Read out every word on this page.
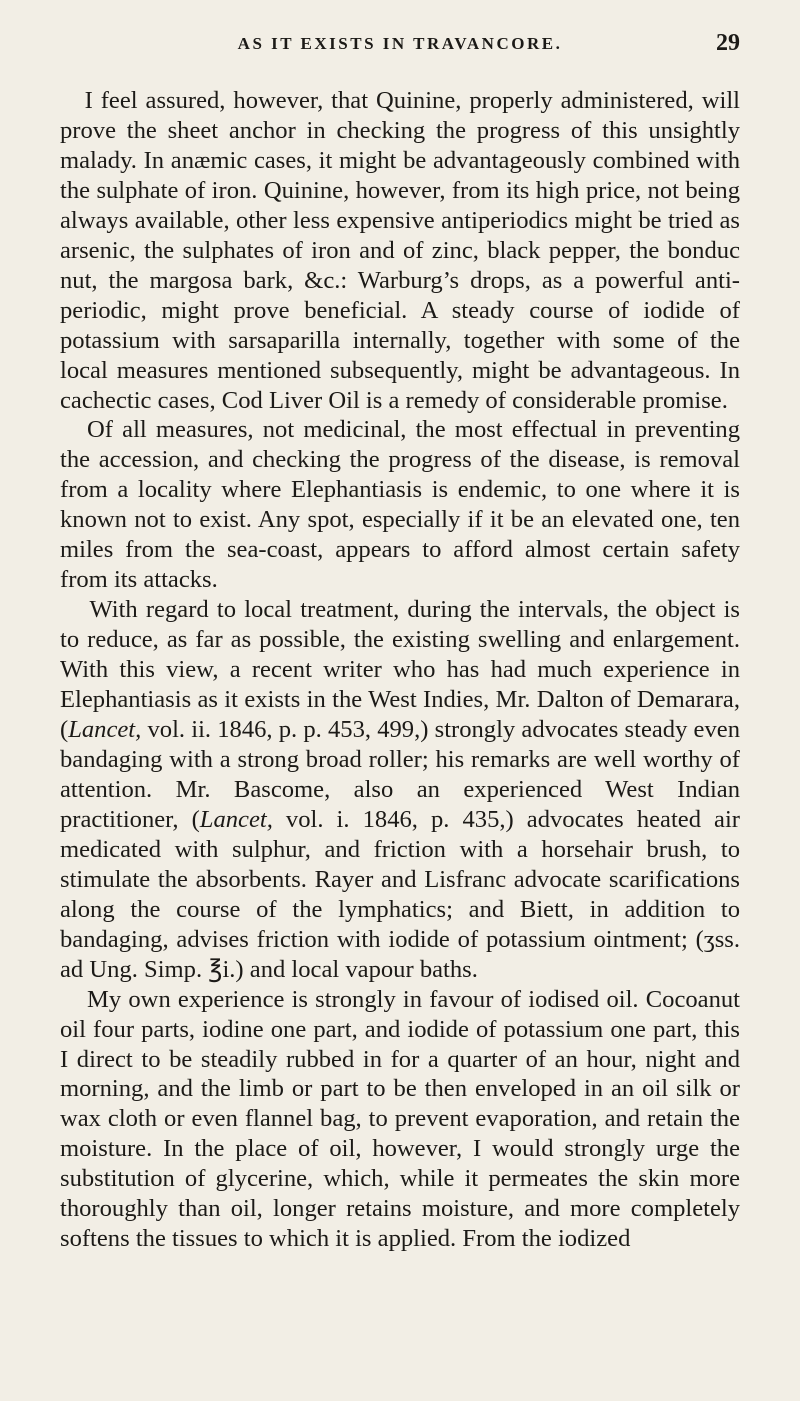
AS IT EXISTS IN TRAVANCORE.	29

I feel assured, however, that Quinine, properly administered, will prove the sheet anchor in checking the progress of this unsightly malady. In anæmic cases, it might be advantageously combined with the sulphate of iron. Quinine, however, from its high price, not being always available, other less expensive antiperiodics might be tried as arsenic, the sulphates of iron and of zinc, black pepper, the bonduc nut, the margosa bark, &c.: Warburg’s drops, as a powerful antiperiodic, might prove beneficial. A steady course of iodide of potassium with sarsaparilla internally, together with some of the local measures mentioned subsequently, might be advantageous. In cachectic cases, Cod Liver Oil is a remedy of considerable promise.

Of all measures, not medicinal, the most effectual in preventing the accession, and checking the progress of the disease, is removal from a locality where Elephantiasis is endemic, to one where it is known not to exist. Any spot, especially if it be an elevated one, ten miles from the sea-coast, appears to afford almost certain safety from its attacks.

With regard to local treatment, during the intervals, the object is to reduce, as far as possible, the existing swelling and enlargement. With this view, a recent writer who has had much experience in Elephantiasis as it exists in the West Indies, Mr. Dalton of Demarara, (Lancet, vol. ii. 1846, p. p. 453, 499,) strongly advocates steady even bandaging with a strong broad roller; his remarks are well worthy of attention. Mr. Bascome, also an experienced West Indian practitioner, (Lancet, vol. i. 1846, p. 435,) advocates heated air medicated with sulphur, and friction with a horsehair brush, to stimulate the absorbents. Rayer and Lisfranc advocate scarifications along the course of the lymphatics; and Biett, in addition to bandaging, advises friction with iodide of potassium ointment; (ʒss. ad Ung. Simp. ℥i.) and local vapour baths.

My own experience is strongly in favour of iodised oil. Cocoanut oil four parts, iodine one part, and iodide of potassium one part, this I direct to be steadily rubbed in for a quarter of an hour, night and morning, and the limb or part to be then enveloped in an oil silk or wax cloth or even flannel bag, to prevent evaporation, and retain the moisture. In the place of oil, however, I would strongly urge the substitution of glycerine, which, while it permeates the skin more thoroughly than oil, longer retains moisture, and more completely softens the tissues to which it is applied. From the iodized
